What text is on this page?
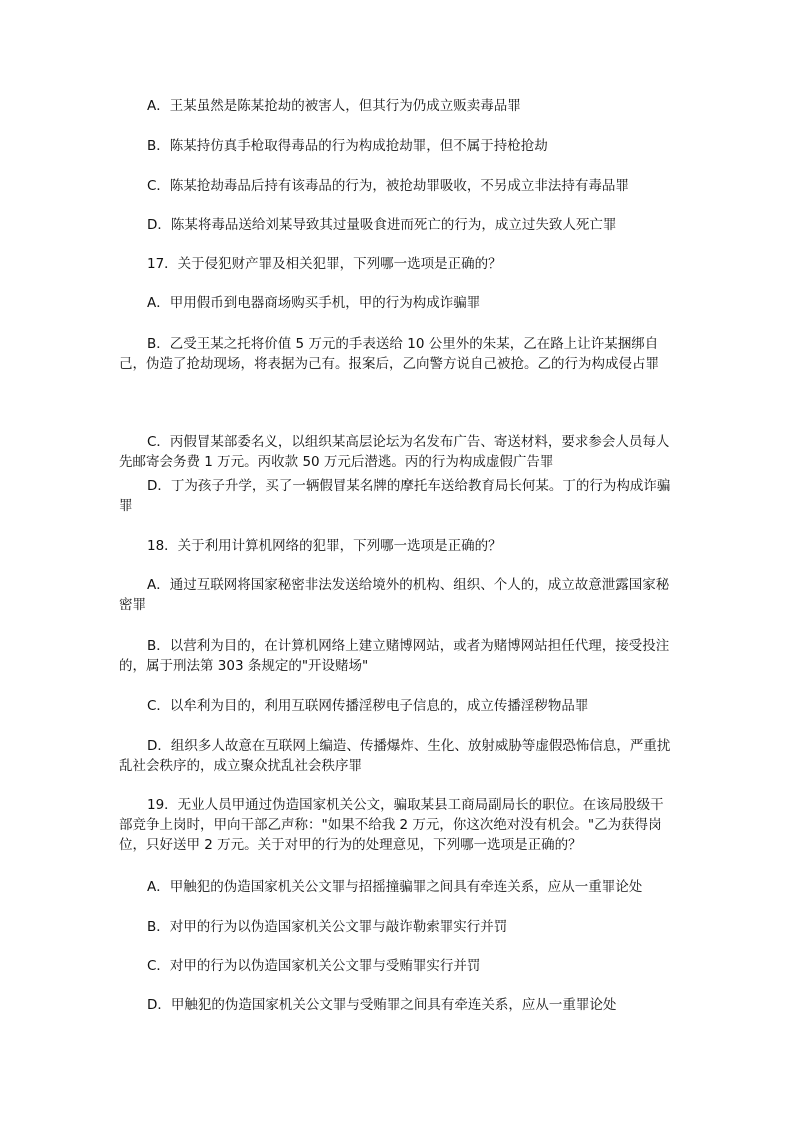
A．王某虽然是陈某抢劫的被害人，但其行为仍成立贩卖毒品罪

B．陈某持仿真手枪取得毒品的行为构成抢劫罪，但不属于持枪抢劫

C．陈某抢劫毒品后持有该毒品的行为，被抢劫罪吸收，不另成立非法持有毒品罪

D．陈某将毒品送给刘某导致其过量吸食进而死亡的行为，成立过失致人死亡罪

17．关于侵犯财产罪及相关犯罪，下列哪一选项是正确的？

A．甲用假币到电器商场购买手机，甲的行为构成诈骗罪

B．乙受王某之托将价值 5 万元的手表送给 10 公里外的朱某，乙在路上让许某捆绑自己，伪造了抢劫现场，将表据为己有。报案后，乙向警方说自己被抢。乙的行为构成侵占罪

C．丙假冒某部委名义，以组织某高层论坛为名发布广告、寄送材料，要求参会人员每人先邮寄会务费 1 万元。丙收款 50 万元后潜逃。丙的行为构成虚假广告罪

D．丁为孩子升学，买了一辆假冒某名牌的摩托车送给教育局长何某。丁的行为构成诈骗罪

18．关于利用计算机网络的犯罪，下列哪一选项是正确的？

A．通过互联网将国家秘密非法发送给境外的机构、组织、个人的，成立故意泄露国家秘密罪

B．以营利为目的，在计算机网络上建立赌博网站，或者为赌博网站担任代理，接受投注的，属于刑法第 303 条规定的"开设赌场"

C．以牟利为目的，利用互联网传播淫秽电子信息的，成立传播淫秽物品罪

D．组织多人故意在互联网上编造、传播爆炸、生化、放射威胁等虚假恐怖信息，严重扰乱社会秩序的，成立聚众扰乱社会秩序罪

19．无业人员甲通过伪造国家机关公文，骗取某县工商局副局长的职位。在该局股级干部竞争上岗时，甲向干部乙声称："如果不给我 2 万元，你这次绝对没有机会。"乙为获得岗位，只好送甲 2 万元。关于对甲的行为的处理意见，下列哪一选项是正确的？

A．甲触犯的伪造国家机关公文罪与招摇撞骗罪之间具有牵连关系，应从一重罪论处

B．对甲的行为以伪造国家机关公文罪与敲诈勒索罪实行并罚

C．对甲的行为以伪造国家机关公文罪与受贿罪实行并罚

D．甲触犯的伪造国家机关公文罪与受贿罪之间具有牵连关系，应从一重罪论处
